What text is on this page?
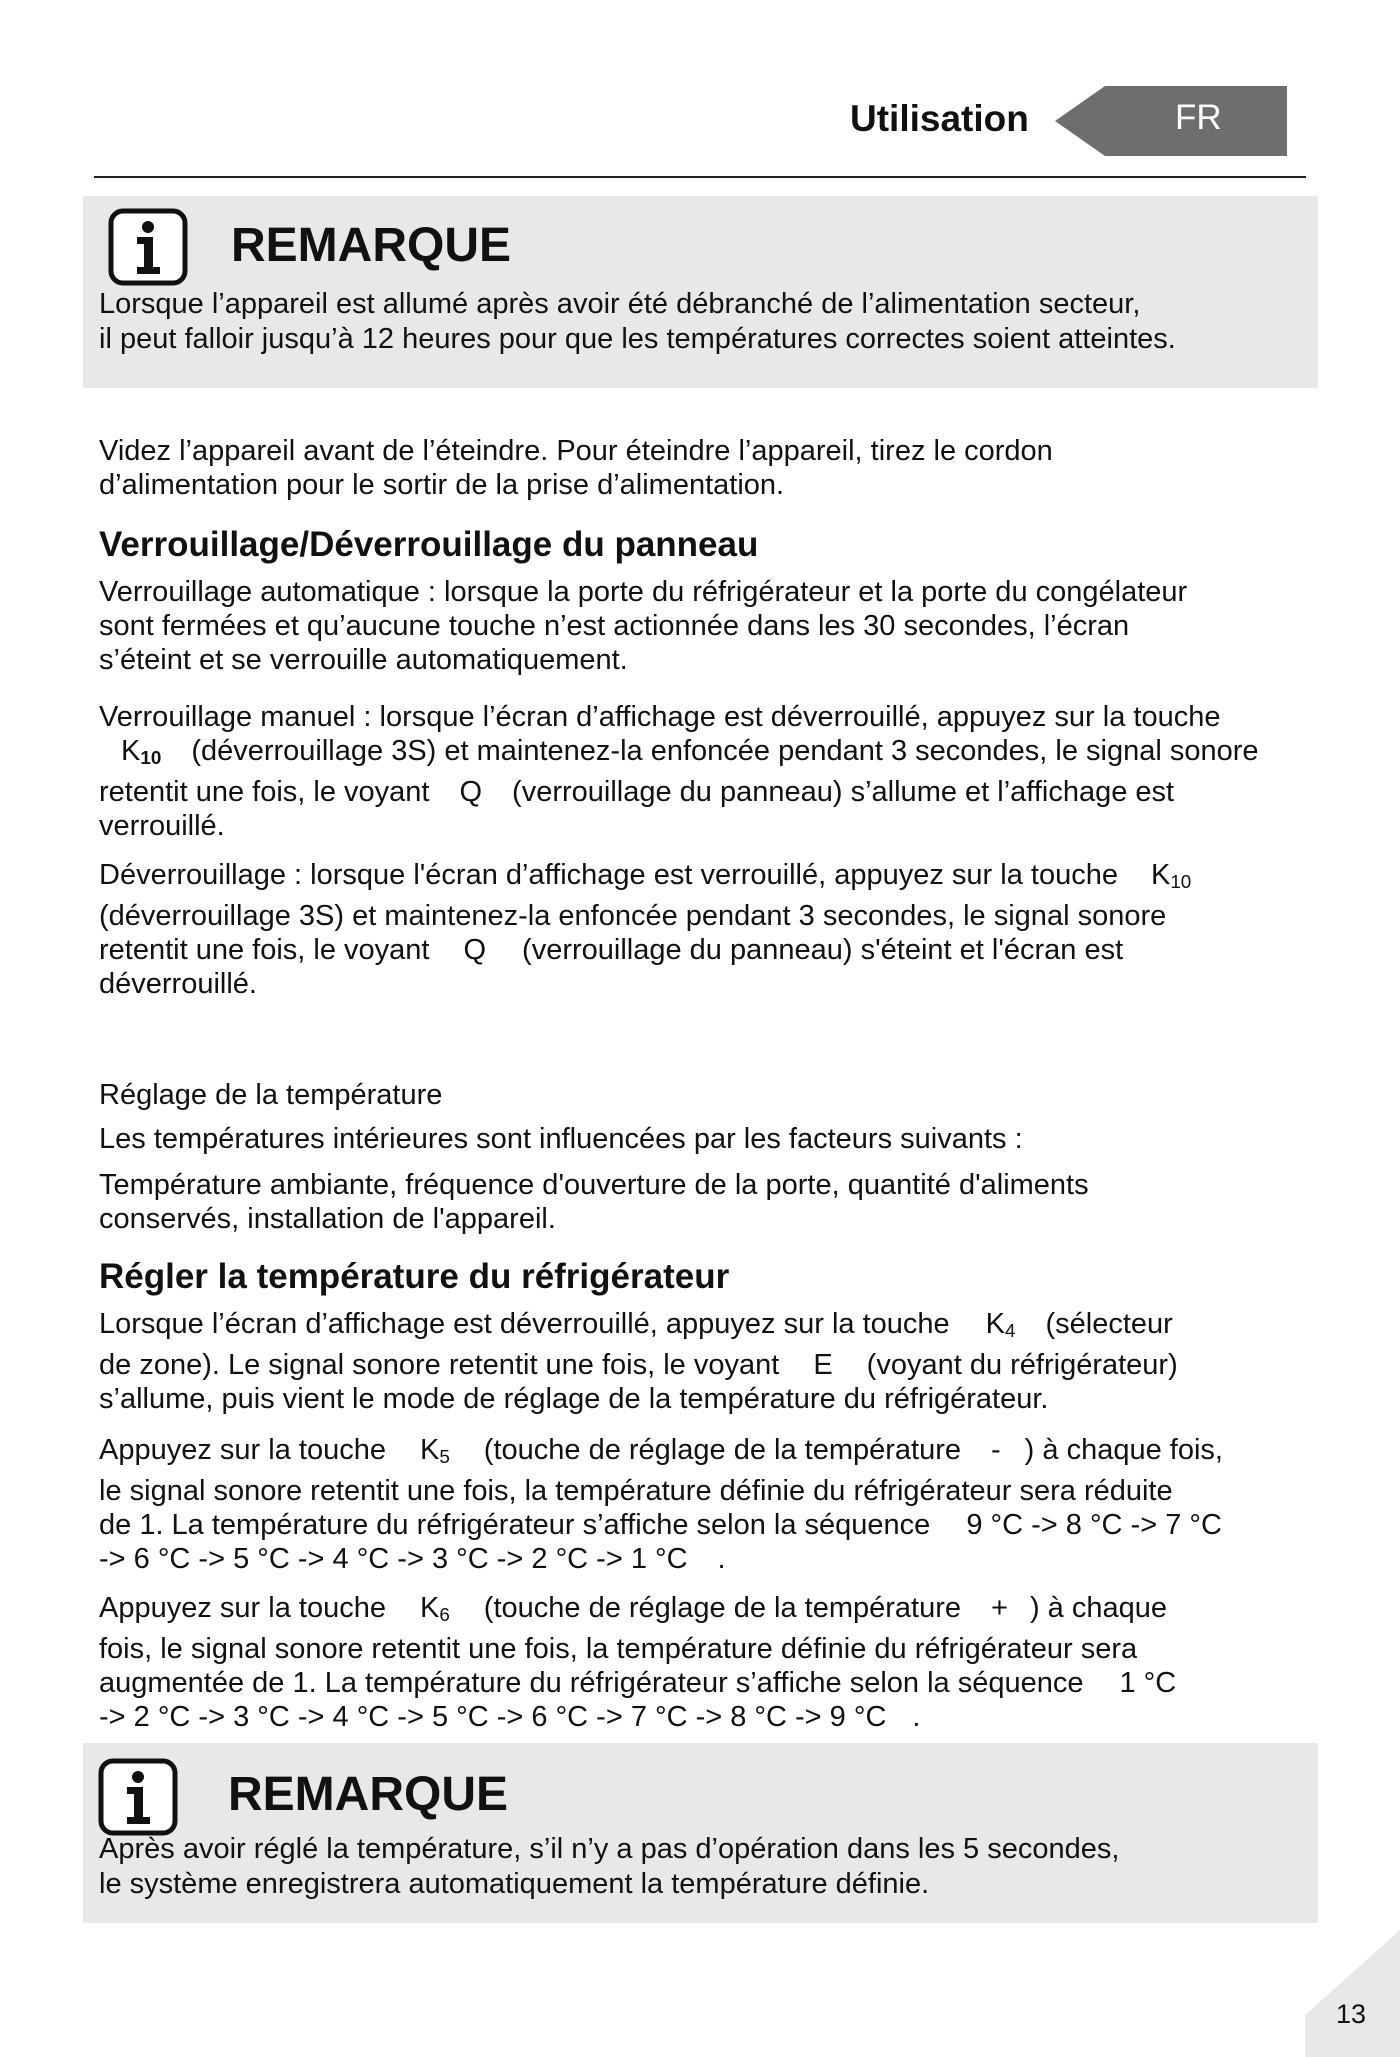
Utilisation	FR
REMARQUE
Lorsque l’appareil est allumé après avoir été débranché de l’alimentation secteur,
il peut falloir jusqu’à 12 heures pour que les températures correctes soient atteintes.
Videz l’appareil avant de l’éteindre. Pour éteindre l’appareil, tirez le cordon
d’alimentation pour le sortir de la prise d’alimentation.
Verrouillage/Déverrouillage du panneau
Verrouillage automatique : lorsque la porte du réfrigérateur et la porte du congélateur
sont fermées et qu’aucune touche n’est actionnée dans les 30 secondes, l’écran
s’éteint et se verrouille automatiquement.
Verrouillage manuel : lorsque l’écran d’affichage est déverrouillé, appuyez sur la touche
$K_{10}$ (déverrouillage 3S) et maintenez-la enfoncée pendant 3 secondes, le signal sonore
retentit une fois, le voyant Q (verrouillage du panneau) s’allume et l’affichage est
verrouillé.
Déverrouillage : lorsque l'écran d’affichage est verrouillé, appuyez sur la touche $K_{10}$
(déverrouillage 3S) et maintenez-la enfoncée pendant 3 secondes, le signal sonore
retentit une fois, le voyant Q (verrouillage du panneau) s'éteint et l'écran est
déverrouillé.
Réglage de la température
Les températures intérieures sont influencées par les facteurs suivants :
Température ambiante, fréquence d'ouverture de la porte, quantité d'aliments
conservés, installation de l'appareil.
Régler la température du réfrigérateur
Lorsque l’écran d’affichage est déverrouillé, appuyez sur la touche $K_4$ (sélecteur
de zone). Le signal sonore retentit une fois, le voyant E (voyant du réfrigérateur)
s’allume, puis vient le mode de réglage de la température du réfrigérateur.
Appuyez sur la touche $K_5$ (touche de réglage de la température - ) à chaque fois,
le signal sonore retentit une fois, la température définie du réfrigérateur sera réduite
de 1. La température du réfrigérateur s’affiche selon la séquence 9 °C -> 8 °C -> 7 °C
-> 6 °C -> 5 °C -> 4 °C -> 3 °C -> 2 °C -> 1 °C .
Appuyez sur la touche $K_6$ (touche de réglage de la température + ) à chaque
fois, le signal sonore retentit une fois, la température définie du réfrigérateur sera
augmentée de 1. La température du réfrigérateur s’affiche selon la séquence 1 °C
-> 2 °C -> 3 °C -> 4 °C -> 5 °C -> 6 °C -> 7 °C -> 8 °C -> 9 °C .
REMARQUE
Après avoir réglé la température, s’il n’y a pas d’opération dans les 5 secondes,
le système enregistrera automatiquement la température définie.
13
